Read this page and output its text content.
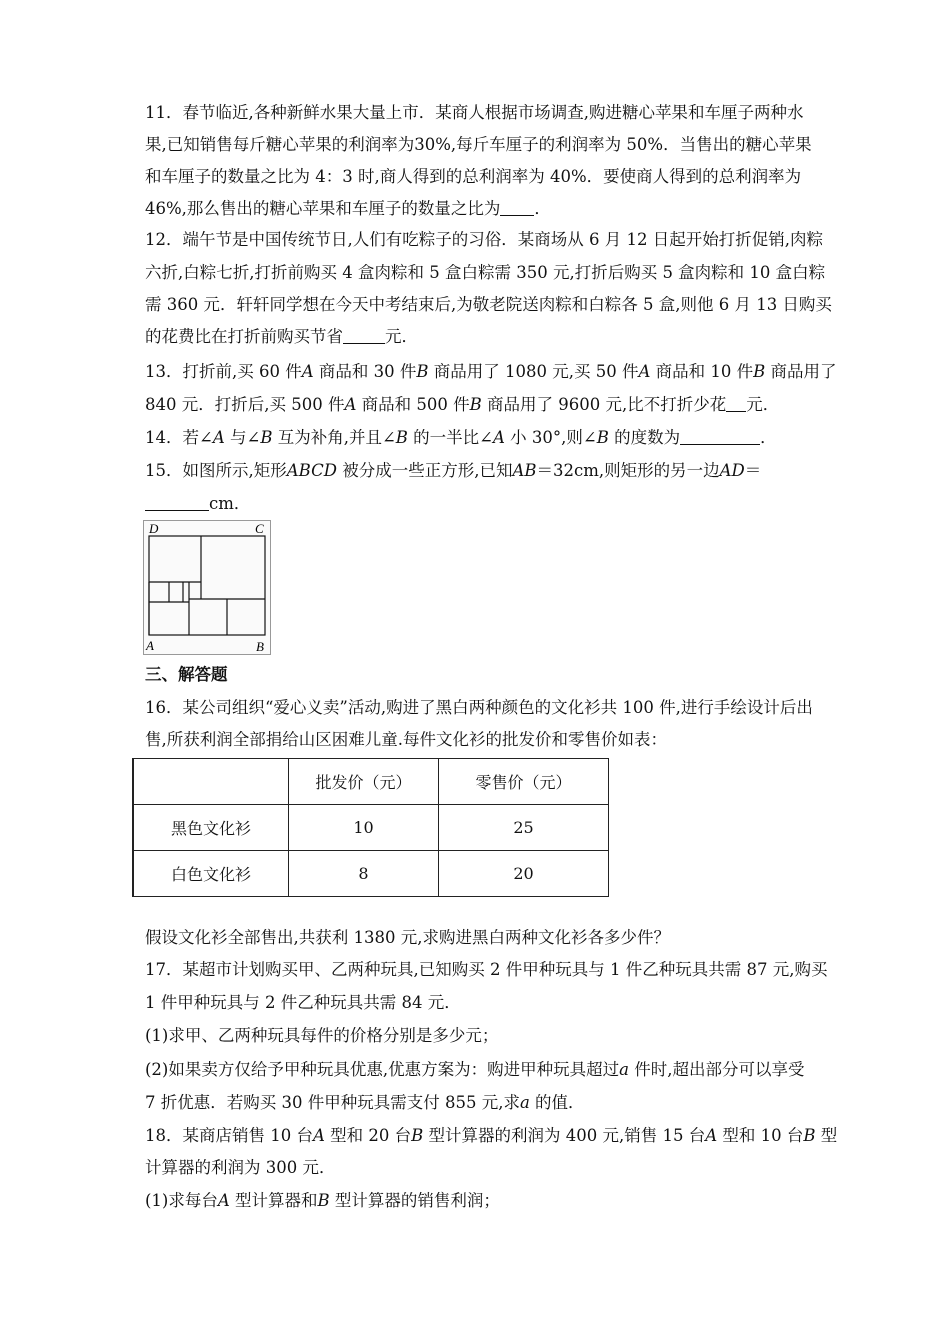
11．春节临近,各种新鲜水果大量上市．某商人根据市场调查,购进糖心苹果和车厘子两种水
果,已知销售每斤糖心苹果的利润率为30%,每斤车厘子的利润率为 50%．当售出的糖心苹果
和车厘子的数量之比为 4：3 时,商人得到的总利润率为 40%．要使商人得到的总利润率为
46%,那么售出的糖心苹果和车厘子的数量之比为 ．
12．端午节是中国传统节日,人们有吃粽子的习俗．某商场从 6 月 12 日起开始打折促销,肉粽
六折,白粽七折,打折前购买 4 盒肉粽和 5 盒白粽需 350 元,打折后购买 5 盒肉粽和 10 盒白粽
需 360 元．轩轩同学想在今天中考结束后,为敬老院送肉粽和白粽各 5 盒,则他 6 月 13 日购买
的花费比在打折前购买节省	元．
13．打折前,买 60 件A 商品和 30 件B 商品用了 1080 元,买 50 件A 商品和 10 件B 商品用了
840 元．打折后,买 500 件A 商品和 500 件B 商品用了 9600 元,比不打折少花 元．
14．若∠A 与∠B 互为补角,并且∠B 的一半比∠A 小 30°,则∠B 的度数为	．
15．如图所示,矩形ABCD 被分成一些正方形,已知AB＝32cm,则矩形的另一边AD＝
cm．
D	C
A	B
三、解答题
16．某公司组织“爱心义卖”活动,购进了黑白两种颜色的文化衫共 100 件,进行手绘设计后出
售,所获利润全部捐给山区困难儿童.每件文化衫的批发价和零售价如表：
	批发价（元）	零售价（元）
黑色文化衫	10	25
白色文化衫	8	20
假设文化衫全部售出,共获利 1380 元,求购进黑白两种文化衫各多少件？
17．某超市计划购买甲、乙两种玩具,已知购买 2 件甲种玩具与 1 件乙种玩具共需 87 元,购买
1 件甲种玩具与 2 件乙种玩具共需 84 元．
(1)求甲、乙两种玩具每件的价格分别是多少元；
(2)如果卖方仅给予甲种玩具优惠,优惠方案为：购进甲种玩具超过a 件时,超出部分可以享受
7 折优惠．若购买 30 件甲种玩具需支付 855 元,求a 的值．
18．某商店销售 10 台A 型和 20 台B 型计算器的利润为 400 元,销售 15 台A 型和 10 台B 型
计算器的利润为 300 元．
(1)求每台A 型计算器和B 型计算器的销售利润；
